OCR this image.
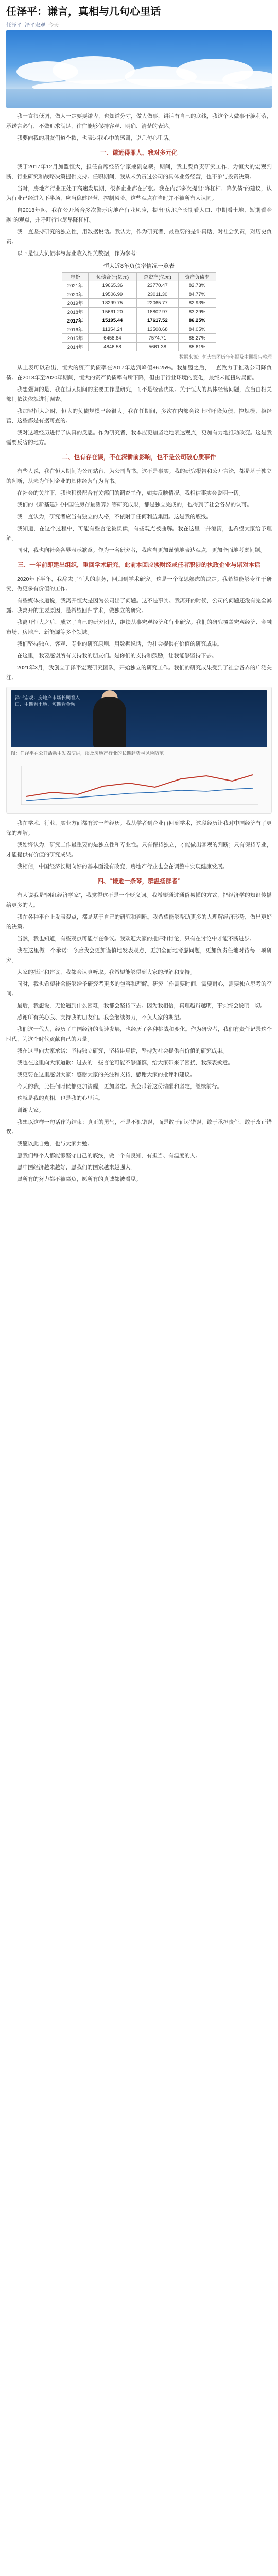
任泽平：谦言，真相与几句心里话
任泽平 泽平宏观 今天

我一直很低调，做人一定要要谦卑，也知道分寸，做人做事，讲话有自己的底线，我这个人做事干脆利落，承诺言必行，不做追求满足，往往能够保持客观、明确、清楚的表达。

我要向我的朋友们道个歉，也表达我心中的感谢，说几句心里话。

一、谦逊得罪人，我对多元化

我于2017年12月加盟恒大，担任首席经济学家兼副总裁。期间，我主要负责研究工作，为恒大的宏观判断、行业研究和战略决策提供支持。任职期间，我从未负责过公司的具体业务经营，也不参与投资决策。

当时，房地产行业正处于高速发展期，很多企业都在扩张。我在内部多次提出“降杠杆、降负债”的建议，认为行业已经进入下半场，应当稳健经营，控制风险。这些观点在当时并不被所有人认同。

自2018年起，我在公开场合多次警示房地产行业风险，提出“房地产长期看人口、中期看土地、短期看金融”的观点，并呼吁行业尽早降杠杆。

我一直坚持研究的独立性，用数据说话。我认为，作为研究者，最重要的是讲真话，对社会负责，对历史负责。

以下是恒大负债率与营业收入相关数据，作为参考：

恒大近8年负债率情况一览表
年份	负债合计(亿元)	总资产(亿元)	资产负债率
2021年	19665.36	23770.47	82.73%
2020年	19506.99	23011.30	84.77%
2019年	18299.75	22065.77	82.93%
2018年	15661.20	18802.97	83.29%
2017年	15195.44	17617.52	86.25%
2016年	11354.24	13508.68	84.05%
2015年	6458.84	7574.71	85.27%
2014年	4846.58	5661.38	85.61%
数据来源：恒大集团历年年报及中期报告整理

从上表可以看出，恒大的资产负债率在2017年达到峰值86.25%。我加盟之后，一直致力于推动公司降负债。在2018年至2020年期间，恒大的资产负债率有所下降，但由于行业环境的变化，最终未能扭转局面。

我想强调的是，我在恒大期间的主要工作是研究，而不是经营决策。关于恒大的具体经营问题，应当由相关部门依法依规进行调查。

我加盟恒大之时，恒大的负债规模已经很大。我在任期间，多次在内部会议上呼吁降负债、控规模、稳经营，这些都是有据可查的。

我对这段经历进行了认真的反思。作为研究者，我本应更加坚定地表达观点，更加有力地推动改变。这是我需要反省的地方。

二、也有存在误，不在深耕前影响，也不是公司破心质事件

有些人说，我在恒大期间为公司站台，为公司背书。这不是事实。我的研究报告和公开言论，都是基于独立的判断，从未为任何企业的具体经营行为背书。

在社会的关注下，我也积极配合有关部门的调查工作，如实反映情况。我相信事实会说明一切。

我们的《新基建》《中国住房存量测算》等研究成果，都是独立完成的，也得到了社会各界的认可。

我一直认为，研究者应当有独立的人格，不依附于任何利益集团。这是我的底线。

我知道，在这个过程中，可能有些言论被误读，有些观点被曲解。我在这里一并澄清，也希望大家给予理解。

同时，我也向社会各界表示歉意。作为一名研究者，我应当更加谨慎地表达观点，更加全面地考虑问题。

三、一年前即建出组织，重回学术研究，此前本回应谈财经或任者职涉的执政企业与诸对本话

2020年下半年，我辞去了恒大的职务，回归到学术研究。这是一个深思熟虑的决定。我希望能够专注于研究，做更多有价值的工作。

有些媒体报道说，我离开恒大是因为公司出了问题。这不是事实。我离开的时候，公司的问题还没有完全暴露。我离开的主要原因，是希望回归学术，做独立的研究。

我离开恒大之后，成立了自己的研究团队，继续从事宏观经济和行业研究。我们的研究覆盖宏观经济、金融市场、房地产、新能源等多个领域。

我们坚持独立、客观、专业的研究原则，用数据说话，为社会提供有价值的研究成果。

在这里，我要感谢所有支持我的朋友们。是你们的支持和鼓励，让我能够坚持下去。

2021年3月，我创立了泽平宏观研究团队，开始独立的研究工作。我们的研究成果受到了社会各界的广泛关注。

泽平宏观：房地产市场长期看人口、中期看土地、短期看金融
图：任泽平在公开活动中发表演讲，谈及房地产行业的长期趋势与风险防范

我在学术、行业、实业方面都有过一些经历。我从学者到企业再回到学术，这段经历让我对中国经济有了更深的理解。

我始终认为，研究工作最重要的是独立性和专业性。只有保持独立，才能做出客观的判断；只有保持专业，才能提供有价值的研究成果。

我相信，中国经济长期向好的基本面没有改变，房地产行业也会在调整中实现健康发展。

四、“谦逊一条琴，群温扬群者”

有人说我是“网红经济学家”，我觉得这不是一个贬义词。我希望通过通俗易懂的方式，把经济学的知识传播给更多的人。

我在各种平台上发表观点，都是基于自己的研究和判断。我希望能够帮助更多的人理解经济形势，做出更好的决策。

当然，我也知道，有些观点可能存在争议。我欢迎大家的批评和讨论，只有在讨论中才能不断进步。

我在这里做一个承诺：今后我会更加谨慎地发表观点，更加全面地考虑问题，更加负责任地对待每一项研究。

大家的批评和建议，我都会认真听取。我希望能够得到大家的理解和支持。

同时，我也希望社会能够给予研究者更多的包容和理解。研究工作需要时间，需要耐心，需要独立思考的空间。

最后，我想说，无论遇到什么困难，我都会坚持下去。因为我相信，真理越辩越明，事实终会说明一切。

感谢所有关心我、支持我的朋友们。我会继续努力，不负大家的期望。

我们这一代人，经历了中国经济的高速发展，也经历了各种挑战和变化。作为研究者，我们有责任记录这个时代，为这个时代贡献自己的力量。

我在这里向大家承诺：坚持独立研究，坚持讲真话，坚持为社会提供有价值的研究成果。

我也在这里向大家道歉：过去的一些言论可能不够谨慎，给大家带来了困扰，我深表歉意。

我更要在这里感谢大家：感谢大家的关注和支持，感谢大家的批评和建议。

今天的我，比任何时候都更加清醒，更加坚定。我会带着这份清醒和坚定，继续前行。

这就是我的真相，也是我的心里话。

谢谢大家。

我想以这样一句话作为结束：真正的勇气，不是不犯错误，而是敢于面对错误，敢于承担责任，敢于改正错误。

我愿以此自勉，也与大家共勉。

愿我们每个人都能够坚守自己的底线，做一个有良知、有担当、有温度的人。

愿中国经济越来越好，愿我们的国家越来越强大。

愿所有的努力都不被辜负，愿所有的真诚都被看见。
